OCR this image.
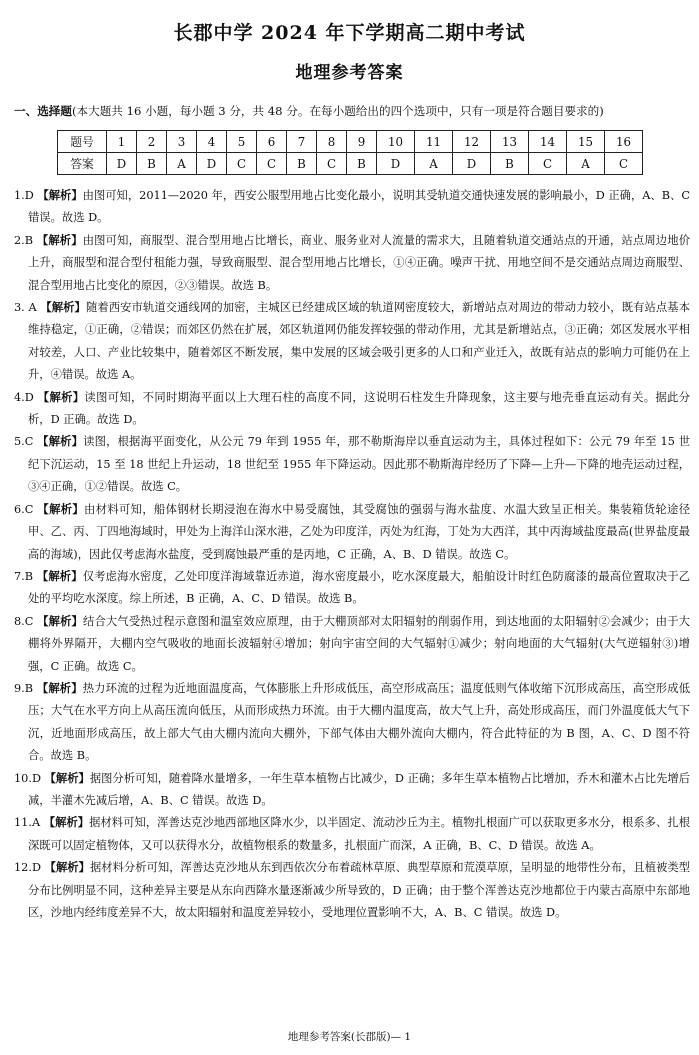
长郡中学 2024 年下学期高二期中考试
地理参考答案
一、选择题(本大题共 16 小题，每小题 3 分，共 48 分。在每小题给出的四个选项中，只有一项是符合题目要求的)
题号	1	2	3	4	5	6	7	8	9	10	11	12	13	14	15	16
答案	D	B	A	D	C	C	B	C	B	D	A	D	B	C	A	C
1.D 【解析】由图可知，2011—2020 年，西安公服型用地占比变化最小，说明其受轨道交通快速发展的影响最小，D 正确，A、B、C 错误。故选 D。
2.B 【解析】由图可知，商服型、混合型用地占比增长，商业、服务业对人流量的需求大，且随着轨道交通站点的开通，站点周边地价上升，商服型和混合型付租能力强，导致商服型、混合型用地占比增长，①④正确。噪声干扰、用地空间不是交通站点周边商服型、混合型用地占比变化的原因，②③错误。故选 B。
3. A 【解析】随着西安市轨道交通线网的加密，主城区已经建成区域的轨道网密度较大，新增站点对周边的带动力较小，既有站点基本维持稳定，①正确，②错误；而郊区仍然在扩展，郊区轨道网仍能发挥较强的带动作用，尤其是新增站点，③正确；郊区发展水平相对较差，人口、产业比较集中，随着郊区不断发展，集中发展的区域会吸引更多的人口和产业迁入，故既有站点的影响力可能仍在上升，④错误。故选 A。
4.D 【解析】读图可知，不同时期海平面以上大理石柱的高度不同，这说明石柱发生升降现象，这主要与地壳垂直运动有关。据此分析，D 正确。故选 D。
5.C 【解析】读图，根据海平面变化，从公元 79 年到 1955 年，那不勒斯海岸以垂直运动为主，具体过程如下：公元 79 年至 15 世纪下沉运动，15 至 18 世纪上升运动，18 世纪至 1955 年下降运动。因此那不勒斯海岸经历了下降—上升—下降的地壳运动过程，③④正确，①②错误。故选 C。
6.C 【解析】由材料可知，船体钢材长期浸泡在海水中易受腐蚀，其受腐蚀的强弱与海水盐度、水温大致呈正相关。集装箱货轮途径甲、乙、丙、丁四地海域时，甲处为上海洋山深水港，乙处为印度洋，丙处为红海，丁处为大西洋，其中丙海域盐度最高(世界盐度最高的海域)，因此仅考虑海水盐度，受到腐蚀最严重的是丙地，C 正确，A、B、D 错误。故选 C。
7.B 【解析】仅考虑海水密度，乙处印度洋海域靠近赤道，海水密度最小，吃水深度最大，船舶设计时红色防腐漆的最高位置取决于乙处的平均吃水深度。综上所述，B 正确，A、C、D 错误。故选 B。
8.C 【解析】结合大气受热过程示意图和温室效应原理，由于大棚顶部对太阳辐射的削弱作用，到达地面的太阳辐射②会减少；由于大棚将外界隔开，大棚内空气吸收的地面长波辐射④增加；射向宇宙空间的大气辐射①减少；射向地面的大气辐射(大气逆辐射③)增强，C 正确。故选 C。
9.B 【解析】热力环流的过程为近地面温度高，气体膨胀上升形成低压，高空形成高压；温度低则气体收缩下沉形成高压，高空形成低压；大气在水平方向上从高压流向低压，从而形成热力环流。由于大棚内温度高，故大气上升，高处形成高压，而门外温度低大气下沉，近地面形成高压，故上部大气由大棚内流向大棚外，下部气体由大棚外流向大棚内，符合此特征的为 B 图，A、C、D 图不符合。故选 B。
10.D 【解析】据图分析可知，随着降水量增多，一年生草本植物占比减少，D 正确；多年生草本植物占比增加，乔木和灌木占比先增后减，半灌木先减后增，A、B、C 错误。故选 D。
11.A 【解析】据材料可知，浑善达克沙地西部地区降水少，以半固定、流动沙丘为主。植物扎根面广可以获取更多水分，根系多、扎根深既可以固定植物体，又可以获得水分，故植物根系的数量多，扎根面广而深，A 正确，B、C、D 错误。故选 A。
12.D 【解析】据材料分析可知，浑善达克沙地从东到西依次分布着疏林草原、典型草原和荒漠草原，呈明显的地带性分布，且植被类型分布比例明显不同，这种差异主要是从东向西降水量逐渐减少所导致的，D 正确；由于整个浑善达克沙地都位于内蒙古高原中东部地区，沙地内经纬度差异不大，故太阳辐射和温度差异较小，受地理位置影响不大，A、B、C 错误。故选 D。
地理参考答案(长郡版)— 1
